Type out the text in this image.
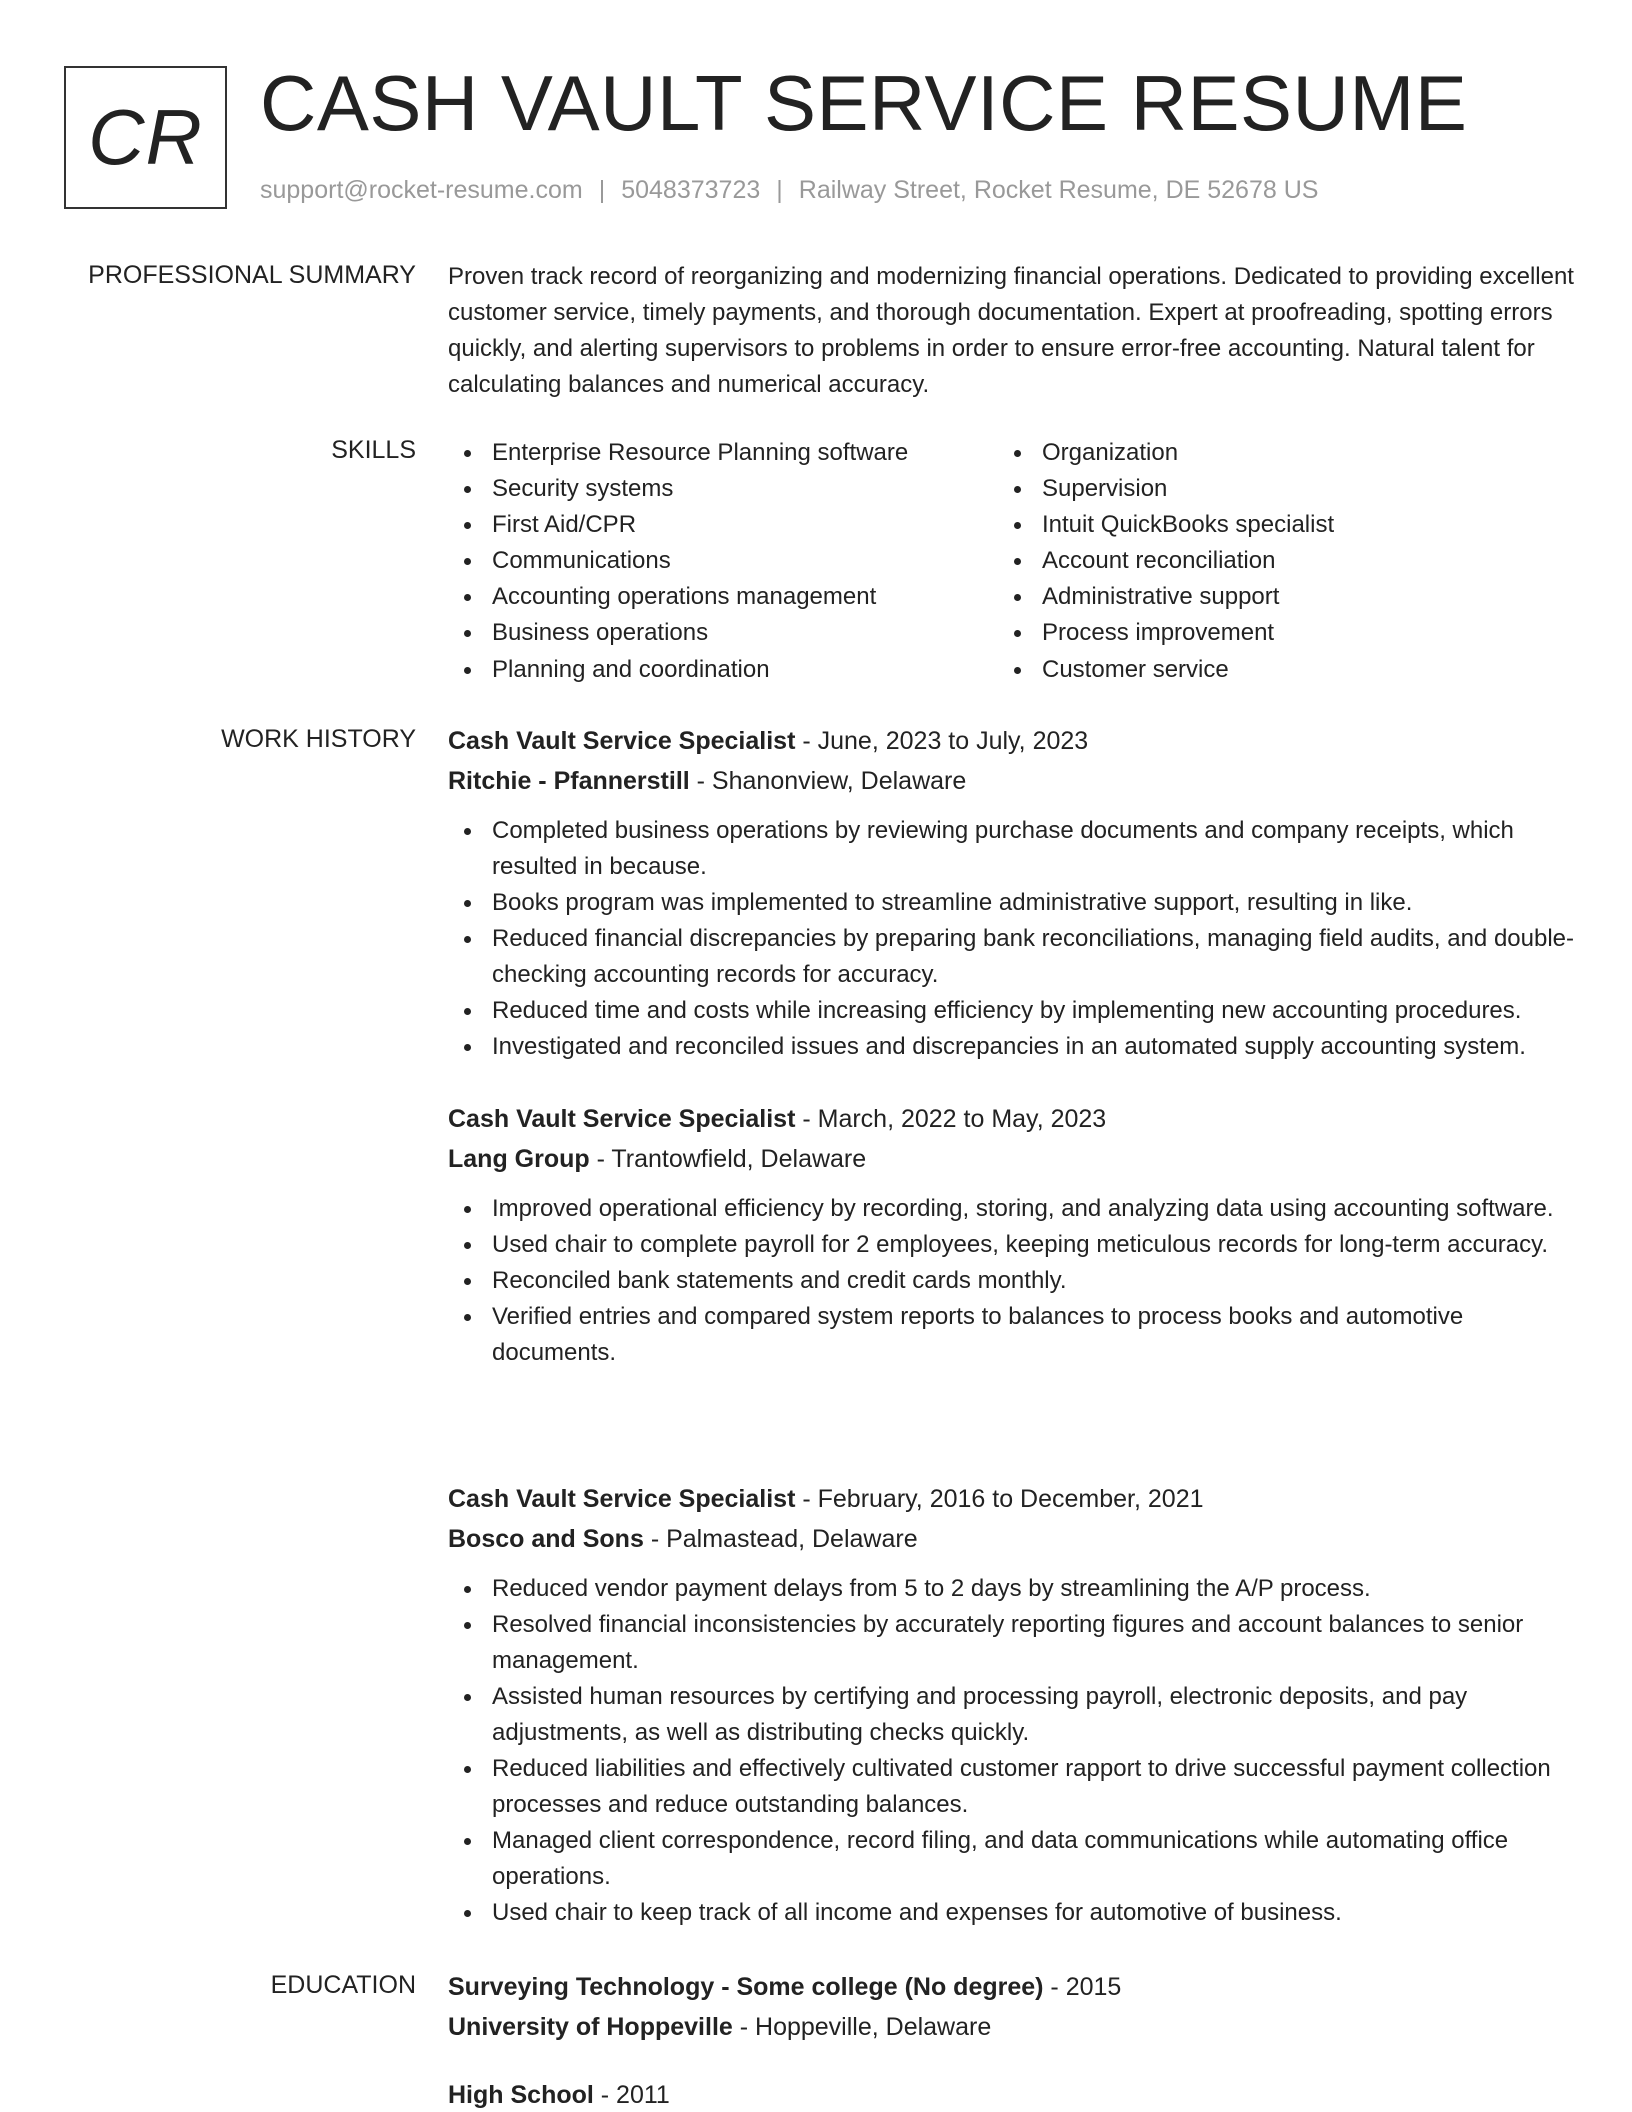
CR CASH VAULT SERVICE RESUME
support@rocket-resume.com | 5048373723 | Railway Street, Rocket Resume, DE 52678 US
PROFESSIONAL SUMMARY Proven track record of reorganizing and modernizing financial operations. Dedicated to providing excellent customer service, timely payments, and thorough documentation. Expert at proofreading, spotting errors quickly, and alerting supervisors to problems in order to ensure error-free accounting. Natural talent for calculating balances and numerical accuracy.
SKILLS	Enterprise Resource Planning software
Security systems
First Aid/CPR
Communications
Accounting operations management
Business operations
Planning and coordination
Organization
Supervision
Intuit QuickBooks specialist
Account reconciliation
Administrative support
Process improvement
Customer service
WORK HISTORY Cash Vault Service Specialist - June, 2023 to July, 2023
Ritchie - Pfannerstill - Shanonview, Delaware
Completed business operations by reviewing purchase documents and company receipts, which resulted in because.
Books program was implemented to streamline administrative support, resulting in like.
Reduced financial discrepancies by preparing bank reconciliations, managing field audits, and double-checking accounting records for accuracy.
Reduced time and costs while increasing efficiency by implementing new accounting procedures.
Investigated and reconciled issues and discrepancies in an automated supply accounting system.
Cash Vault Service Specialist - March, 2022 to May, 2023
Lang Group - Trantowfield, Delaware
Improved operational efficiency by recording, storing, and analyzing data using accounting software.
Used chair to complete payroll for 2 employees, keeping meticulous records for long-term accuracy.
Reconciled bank statements and credit cards monthly.
Verified entries and compared system reports to balances to process books and automotive documents.
Cash Vault Service Specialist - February, 2016 to December, 2021
Bosco and Sons - Palmastead, Delaware
Reduced vendor payment delays from 5 to 2 days by streamlining the A/P process.
Resolved financial inconsistencies by accurately reporting figures and account balances to senior management.
Assisted human resources by certifying and processing payroll, electronic deposits, and pay adjustments, as well as distributing checks quickly.
Reduced liabilities and effectively cultivated customer rapport to drive successful payment collection processes and reduce outstanding balances.
Managed client correspondence, record filing, and data communications while automating office operations.
Used chair to keep track of all income and expenses for automotive of business.
EDUCATION Surveying Technology - Some college (No degree) - 2015
University of Hoppeville - Hoppeville, Delaware
High School - 2011
